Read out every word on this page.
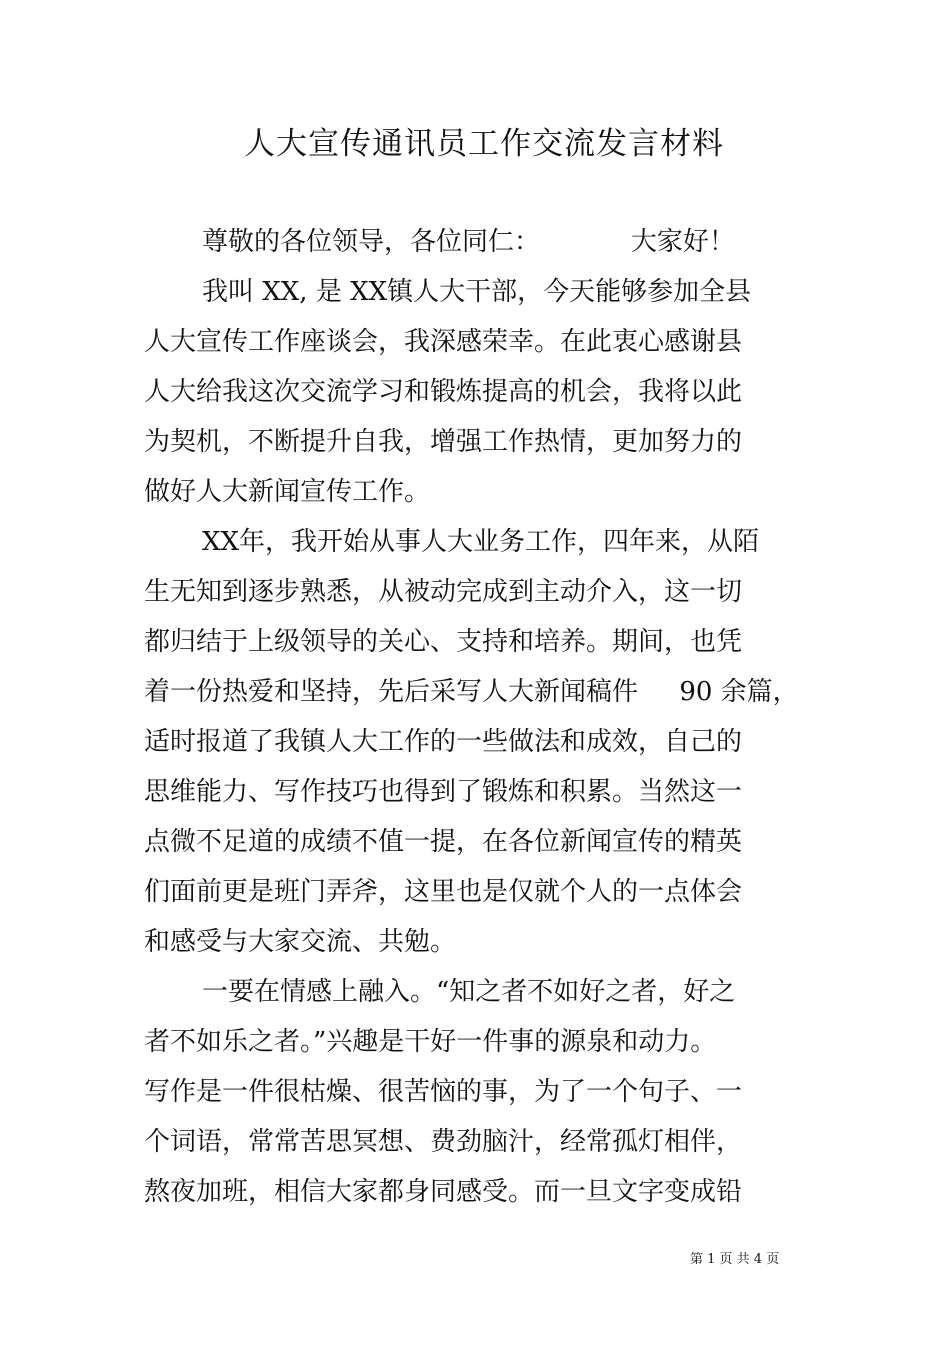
人大宣传通讯员工作交流发言材料
尊敬的各位领导，各位同仁：           大家好！
我叫 XX, 是 XX镇人大干部，今天能够参加全县
人大宣传工作座谈会，我深感荣幸。在此衷心感谢县
人大给我这次交流学习和锻炼提高的机会，我将以此
为契机，不断提升自我，增强工作热情，更加努力的
做好人大新闻宣传工作。
XX年，我开始从事人大业务工作，四年来，从陌
生无知到逐步熟悉，从被动完成到主动介入，这一切
都归结于上级领导的关心、支持和培养。期间，也凭
着一份热爱和坚持，先后采写人大新闻稿件     90 余篇，
适时报道了我镇人大工作的一些做法和成效，自己的
思维能力、写作技巧也得到了锻炼和积累。当然这一
点微不足道的成绩不值一提，在各位新闻宣传的精英
们面前更是班门弄斧，这里也是仅就个人的一点体会
和感受与大家交流、共勉。
一要在情感上融入。“知之者不如好之者，好之
者不如乐之者。”兴趣是干好一件事的源泉和动力。
写作是一件很枯燥、很苦恼的事，为了一个句子、一
个词语，常常苦思冥想、费劲脑汁，经常孤灯相伴，
熬夜加班，相信大家都身同感受。而一旦文字变成铅
第 1 页 共 4 页
